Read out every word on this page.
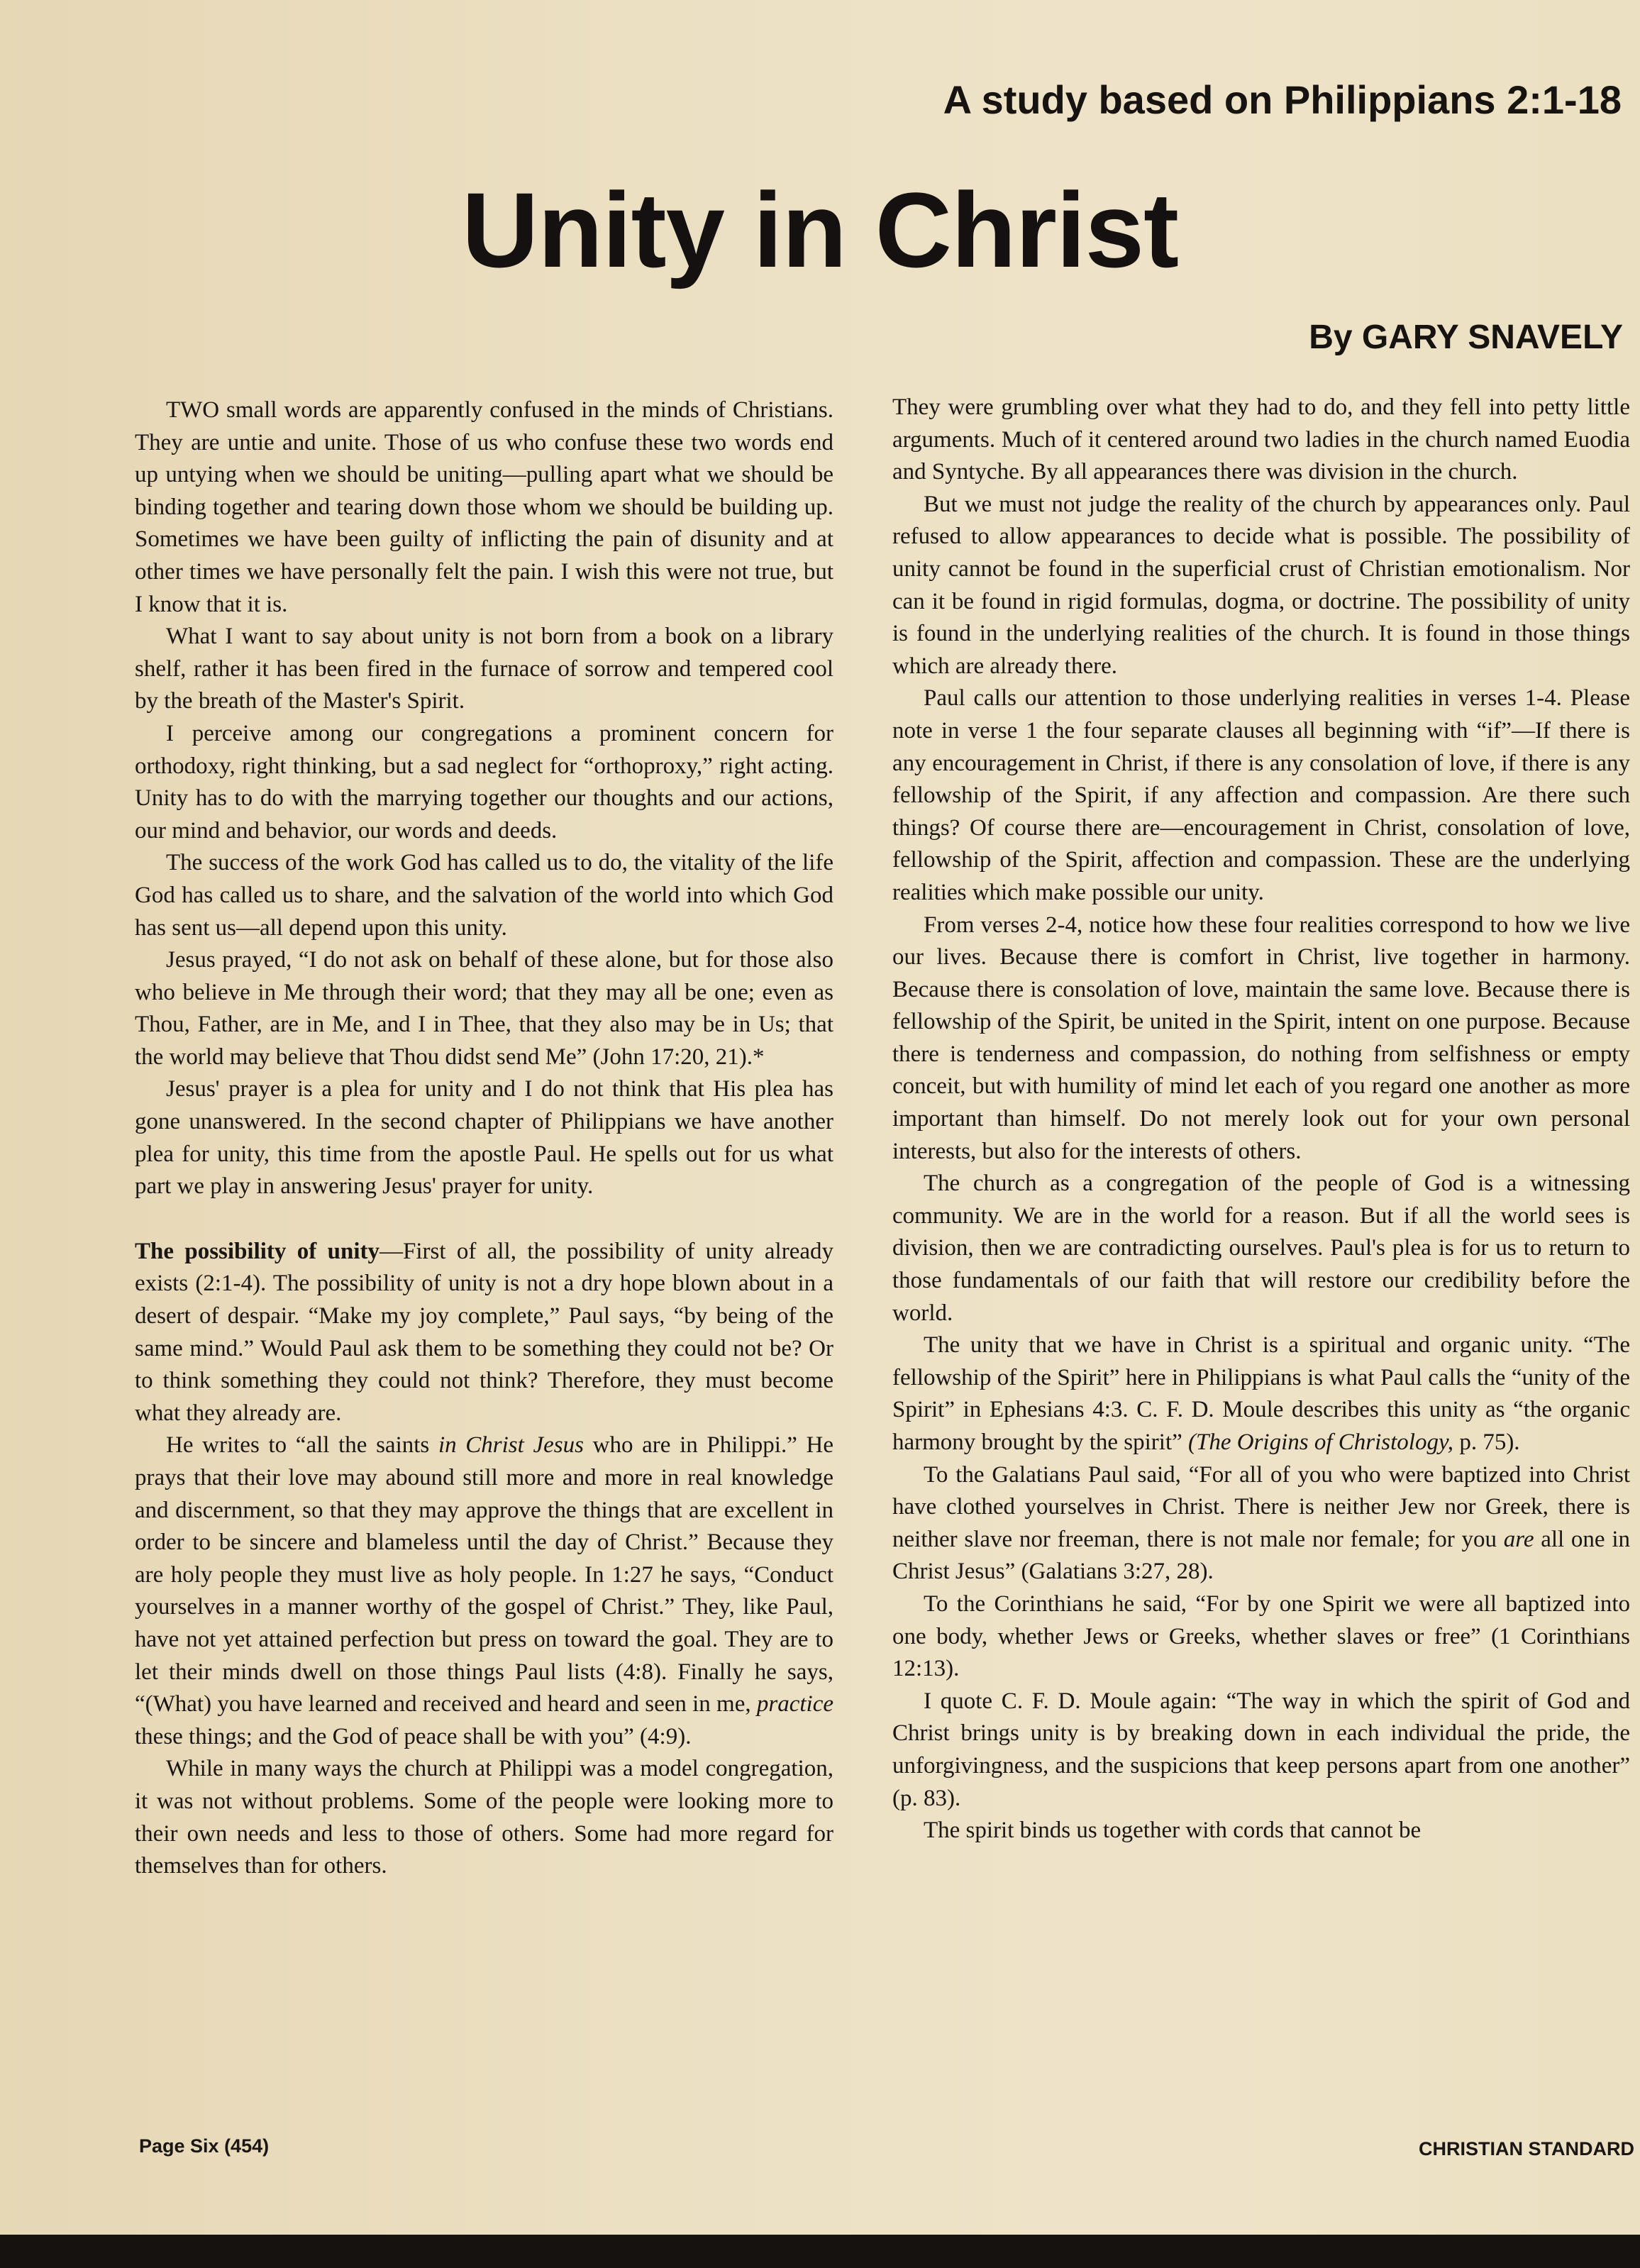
A study based on Philippians 2:1-18
Unity in Christ
By GARY SNAVELY

TWO small words are apparently confused in the minds of Christians. They are untie and unite. Those of us who confuse these two words end up untying when we should be uniting—pulling apart what we should be binding together and tearing down those whom we should be building up. Sometimes we have been guilty of inflicting the pain of disunity and at other times we have personally felt the pain. I wish this were not true, but I know that it is.

What I want to say about unity is not born from a book on a library shelf, rather it has been fired in the furnace of sorrow and tempered cool by the breath of the Master's Spirit.

I perceive among our congregations a prominent concern for orthodoxy, right thinking, but a sad neglect for “orthoproxy,” right acting. Unity has to do with the marrying together our thoughts and our actions, our mind and behavior, our words and deeds.

The success of the work God has called us to do, the vitality of the life God has called us to share, and the salvation of the world into which God has sent us—all depend upon this unity.

Jesus prayed, “I do not ask on behalf of these alone, but for those also who believe in Me through their word; that they may all be one; even as Thou, Father, are in Me, and I in Thee, that they also may be in Us; that the world may believe that Thou didst send Me” (John 17:20, 21).*

Jesus' prayer is a plea for unity and I do not think that His plea has gone unanswered. In the second chapter of Philippians we have another plea for unity, this time from the apostle Paul. He spells out for us what part we play in answering Jesus' prayer for unity.

The possibility of unity—First of all, the possibility of unity already exists (2:1-4). The possibility of unity is not a dry hope blown about in a desert of despair. “Make my joy complete,” Paul says, “by being of the same mind.” Would Paul ask them to be something they could not be? Or to think something they could not think? Therefore, they must become what they already are.

He writes to “all the saints in Christ Jesus who are in Philippi.” He prays that their love may abound still more and more in real knowledge and discernment, so that they may approve the things that are excellent in order to be sincere and blameless until the day of Christ.” Because they are holy people they must live as holy people. In 1:27 he says, “Conduct yourselves in a manner worthy of the gospel of Christ.” They, like Paul, have not yet attained perfection but press on toward the goal. They are to let their minds dwell on those things Paul lists (4:8). Finally he says, “(What) you have learned and received and heard and seen in me, practice these things; and the God of peace shall be with you” (4:9).

While in many ways the church at Philippi was a model congregation, it was not without problems. Some of the people were looking more to their own needs and less to those of others. Some had more regard for themselves than for others.

They were grumbling over what they had to do, and they fell into petty little arguments. Much of it centered around two ladies in the church named Euodia and Syntyche. By all appearances there was division in the church.

But we must not judge the reality of the church by appearances only. Paul refused to allow appearances to decide what is possible. The possibility of unity cannot be found in the superficial crust of Christian emotionalism. Nor can it be found in rigid formulas, dogma, or doctrine. The possibility of unity is found in the underlying realities of the church. It is found in those things which are already there.

Paul calls our attention to those underlying realities in verses 1-4. Please note in verse 1 the four separate clauses all beginning with “if”—If there is any encouragement in Christ, if there is any consolation of love, if there is any fellowship of the Spirit, if any affection and compassion. Are there such things? Of course there are—encouragement in Christ, consolation of love, fellowship of the Spirit, affection and compassion. These are the underlying realities which make possible our unity.

From verses 2-4, notice how these four realities correspond to how we live our lives. Because there is comfort in Christ, live together in harmony. Because there is consolation of love, maintain the same love. Because there is fellowship of the Spirit, be united in the Spirit, intent on one purpose. Because there is tenderness and compassion, do nothing from selfishness or empty conceit, but with humility of mind let each of you regard one another as more important than himself. Do not merely look out for your own personal interests, but also for the interests of others.

The church as a congregation of the people of God is a witnessing community. We are in the world for a reason. But if all the world sees is division, then we are contradicting ourselves. Paul's plea is for us to return to those fundamentals of our faith that will restore our credibility before the world.

The unity that we have in Christ is a spiritual and organic unity. “The fellowship of the Spirit” here in Philippians is what Paul calls the “unity of the Spirit” in Ephesians 4:3. C. F. D. Moule describes this unity as “the organic harmony brought by the spirit” (The Origins of Christology, p. 75).

To the Galatians Paul said, “For all of you who were baptized into Christ have clothed yourselves in Christ. There is neither Jew nor Greek, there is neither slave nor freeman, there is not male nor female; for you are all one in Christ Jesus” (Galatians 3:27, 28).

To the Corinthians he said, “For by one Spirit we were all baptized into one body, whether Jews or Greeks, whether slaves or free” (1 Corinthians 12:13).

I quote C. F. D. Moule again: “The way in which the spirit of God and Christ brings unity is by breaking down in each individual the pride, the unforgivingness, and the suspicions that keep persons apart from one another” (p. 83).

The spirit binds us together with cords that cannot be

Page Six (454)	CHRISTIAN STANDARD
